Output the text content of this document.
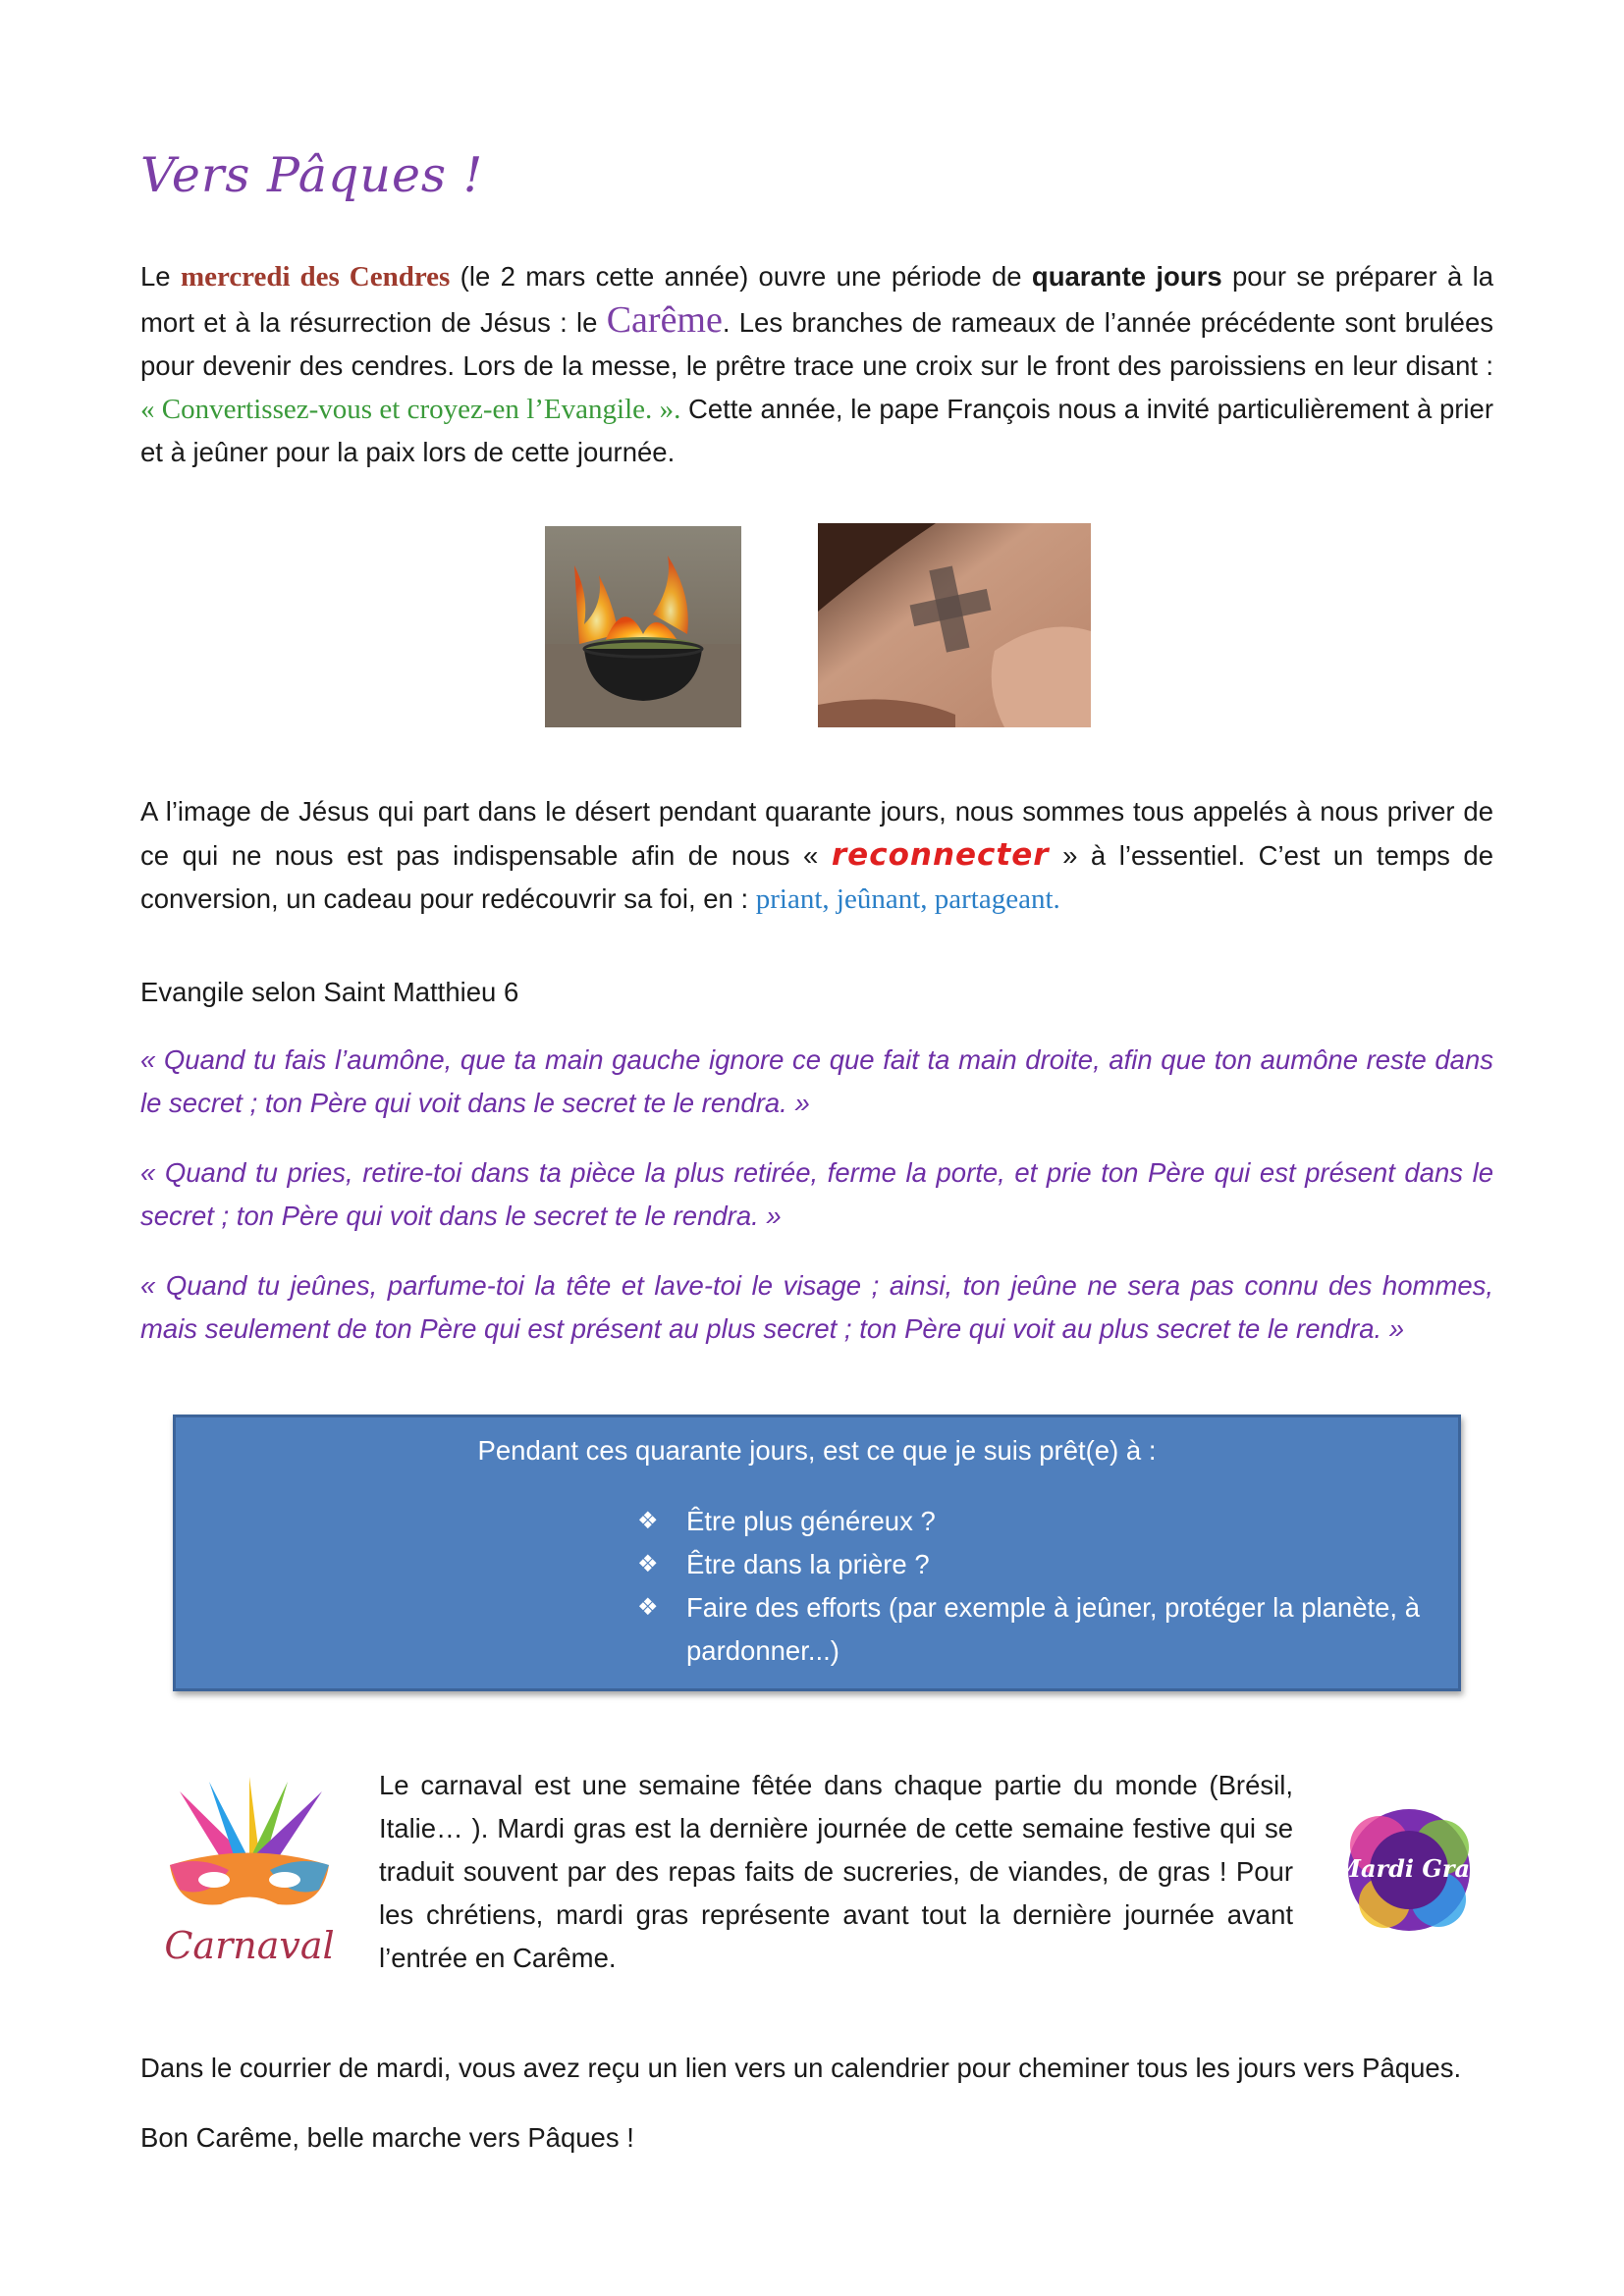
Vers Pâques !

Le mercredi des Cendres (le 2 mars cette année) ouvre une période de quarante jours pour se préparer à la mort et à la résurrection de Jésus : le Carême. Les branches de rameaux de l’année précédente sont brulées pour devenir des cendres. Lors de la messe, le prêtre trace une croix sur le front des paroissiens en leur disant : « Convertissez-vous et croyez-en l’Evangile. ». Cette année, le pape François nous a invité particulièrement à prier et à jeûner pour la paix lors de cette journée.

A l’image de Jésus qui part dans le désert pendant quarante jours, nous sommes tous appelés à nous priver de ce qui ne nous est pas indispensable afin de nous « reconnecter » à l’essentiel. C’est un temps de conversion, un cadeau pour redécouvrir sa foi, en : priant, jeûnant, partageant.

Evangile selon Saint Matthieu 6

« Quand tu fais l’aumône, que ta main gauche ignore ce que fait ta main droite, afin que ton aumône reste dans le secret ; ton Père qui voit dans le secret te le rendra. »

« Quand tu pries, retire-toi dans ta pièce la plus retirée, ferme la porte, et prie ton Père qui est présent dans le secret ; ton Père qui voit dans le secret te le rendra. »

« Quand tu jeûnes, parfume-toi la tête et lave-toi le visage ; ainsi, ton jeûne ne sera pas connu des hommes, mais seulement de ton Père qui est présent au plus secret ; ton Père qui voit au plus secret te le rendra. »

Pendant ces quarante jours, est ce que je suis prêt(e) à :
❖ Être plus généreux ?
❖ Être dans la prière ?
❖ Faire des efforts (par exemple à jeûner, protéger la planète, à pardonner...)
Carnaval

Le carnaval est une semaine fêtée dans chaque partie du monde (Brésil, Italie… ). Mardi gras est la dernière journée de cette semaine festive qui se traduit souvent par des repas faits de sucreries, de viandes, de gras ! Pour les chrétiens, mardi gras représente avant tout la dernière journée avant l’entrée en Carême.

Mardi Gras

Dans le courrier de mardi, vous avez reçu un lien vers un calendrier pour cheminer tous les jours vers Pâques.

Bon Carême, belle marche vers Pâques !
